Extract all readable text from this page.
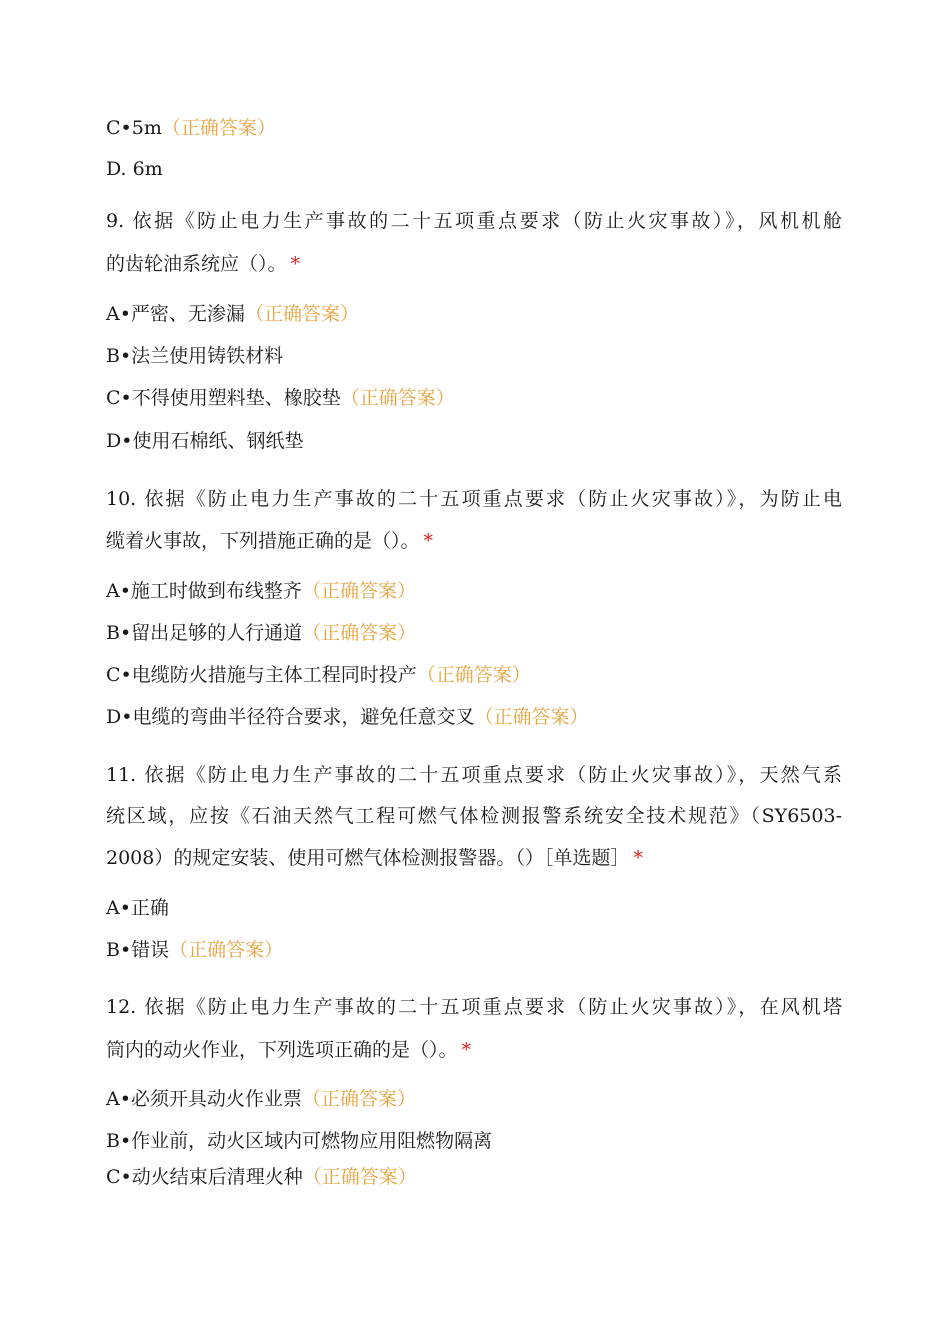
C•5m（正确答案）
D. 6m
9. 依据《防止电力生产事故的二十五项重点要求（防止火灾事故）》，风机机舱
的齿轮油系统应（）。 *
A•严密、无渗漏（正确答案）
B•法兰使用铸铁材料
C•不得使用塑料垫、橡胶垫（正确答案）
D•使用石棉纸、钢纸垫
10. 依据《防止电力生产事故的二十五项重点要求（防止火灾事故）》，为防止电
缆着火事故，下列措施正确的是（）。 *
A•施工时做到布线整齐（正确答案）
B•留出足够的人行通道（正确答案）
C•电缆防火措施与主体工程同时投产（正确答案）
D•电缆的弯曲半径符合要求，避免任意交叉（正确答案）
11. 依据《防止电力生产事故的二十五项重点要求（防止火灾事故）》，天然气系
统区域，应按《石油天然气工程可燃气体检测报警系统安全技术规范》（SY6503-
2008）的规定安装、使用可燃气体检测报警器。（）［单选题］ *
A•正确
B•错误（正确答案）
12. 依据《防止电力生产事故的二十五项重点要求（防止火灾事故）》，在风机塔
筒内的动火作业，下列选项正确的是（）。 *
A•必须开具动火作业票（正确答案）
B•作业前，动火区域内可燃物应用阻燃物隔离
C•动火结束后清理火种（正确答案）
